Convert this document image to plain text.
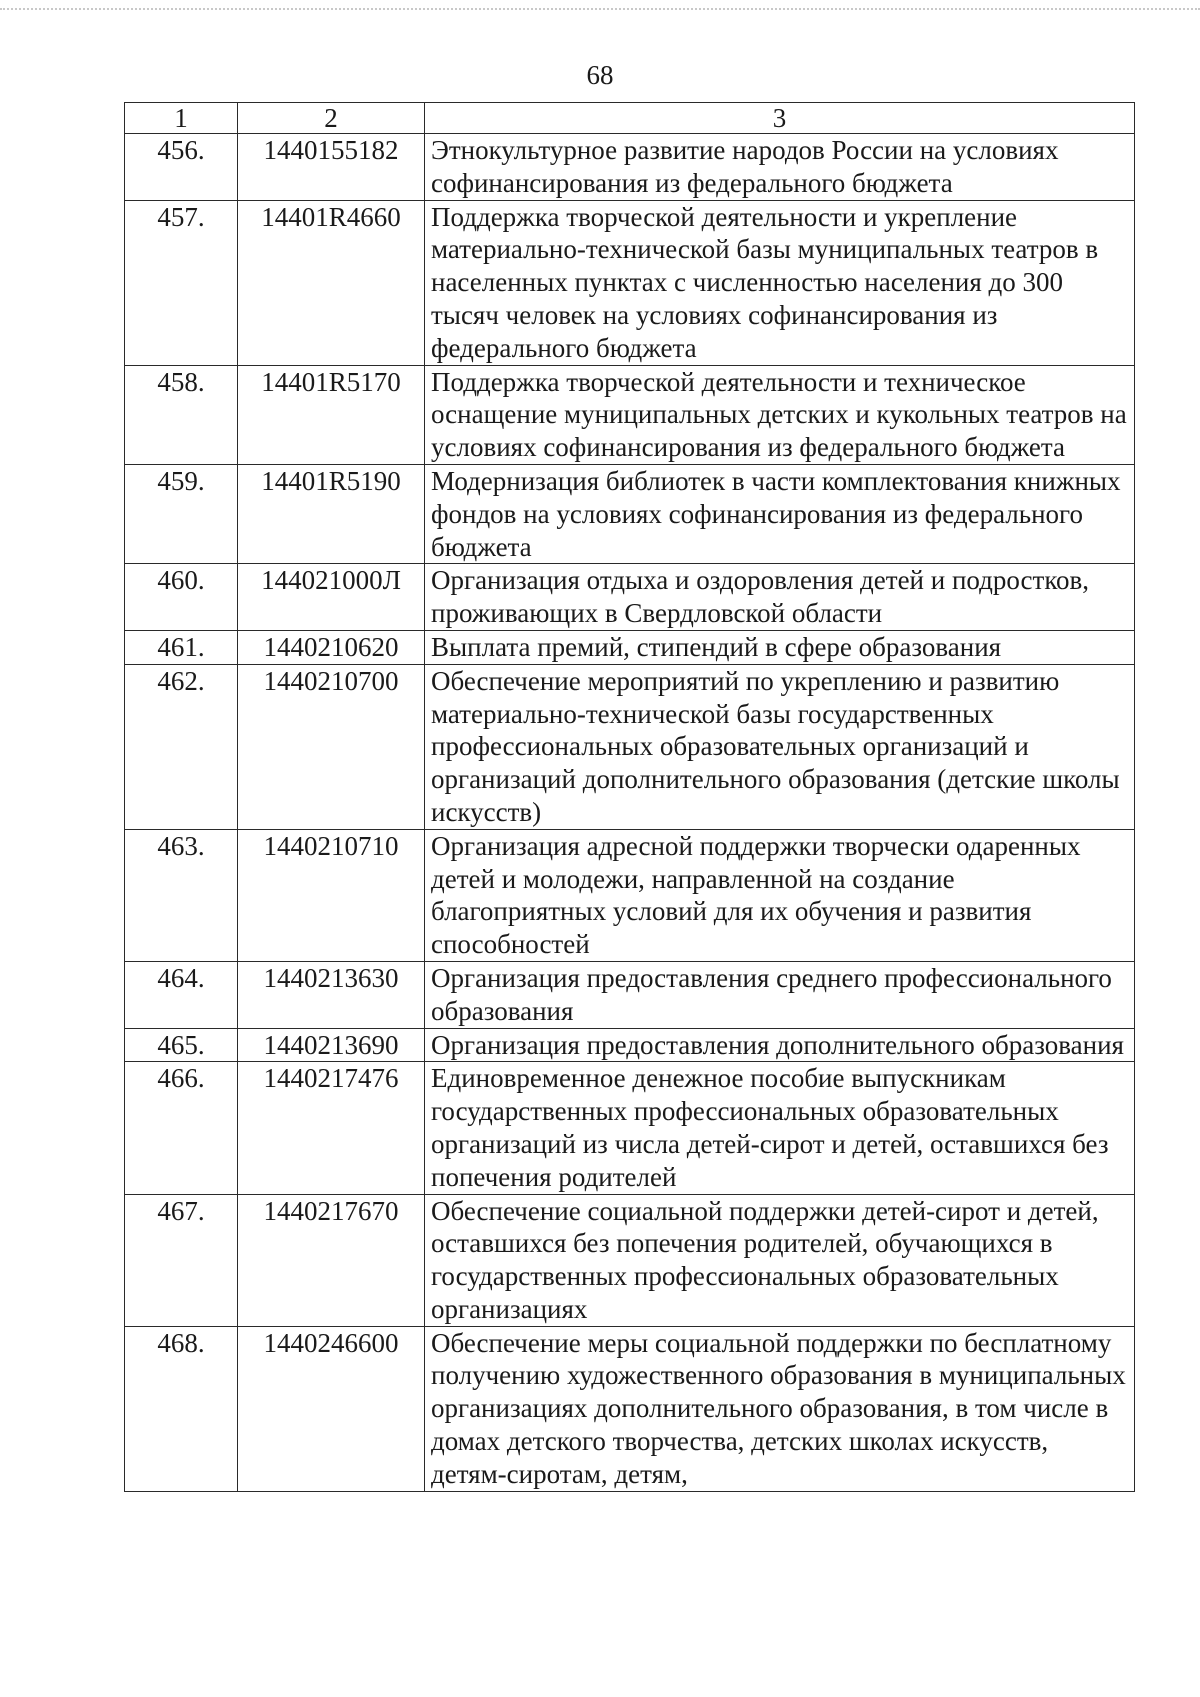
68
1	2	3
456.	1440155182	Этнокультурное развитие народов России на условиях софинансирования из федерального бюджета
457.	14401R4660	Поддержка творческой деятельности и укрепление материально-технической базы муниципальных театров в населенных пунктах с численностью населения до 300 тысяч человек на условиях софинансирования из федерального бюджета
458.	14401R5170	Поддержка творческой деятельности и техническое оснащение муниципальных детских и кукольных театров на условиях софинансирования из федерального бюджета
459.	14401R5190	Модернизация библиотек в части комплектования книжных фондов на условиях софинансирования из федерального бюджета
460.	144021000Л	Организация отдыха и оздоровления детей и подростков, проживающих в Свердловской области
461.	1440210620	Выплата премий, стипендий в сфере образования
462.	1440210700	Обеспечение мероприятий по укреплению и развитию материально-технической базы государственных профессиональных образовательных организаций и организаций дополнительного образования (детские школы искусств)
463.	1440210710	Организация адресной поддержки творчески одаренных детей и молодежи, направленной на создание благоприятных условий для их обучения и развития способностей
464.	1440213630	Организация предоставления среднего профессионального образования
465.	1440213690	Организация предоставления дополнительного образования
466.	1440217476	Единовременное денежное пособие выпускникам государственных профессиональных образовательных организаций из числа детей-сирот и детей, оставшихся без попечения родителей
467.	1440217670	Обеспечение социальной поддержки детей-сирот и детей, оставшихся без попечения родителей, обучающихся в государственных профессиональных образовательных организациях
468.	1440246600	Обеспечение меры социальной поддержки по бесплатному получению художественного образования в муниципальных организациях дополнительного образования, в том числе в домах детского творчества, детских школах искусств, детям-сиротам, детям,
